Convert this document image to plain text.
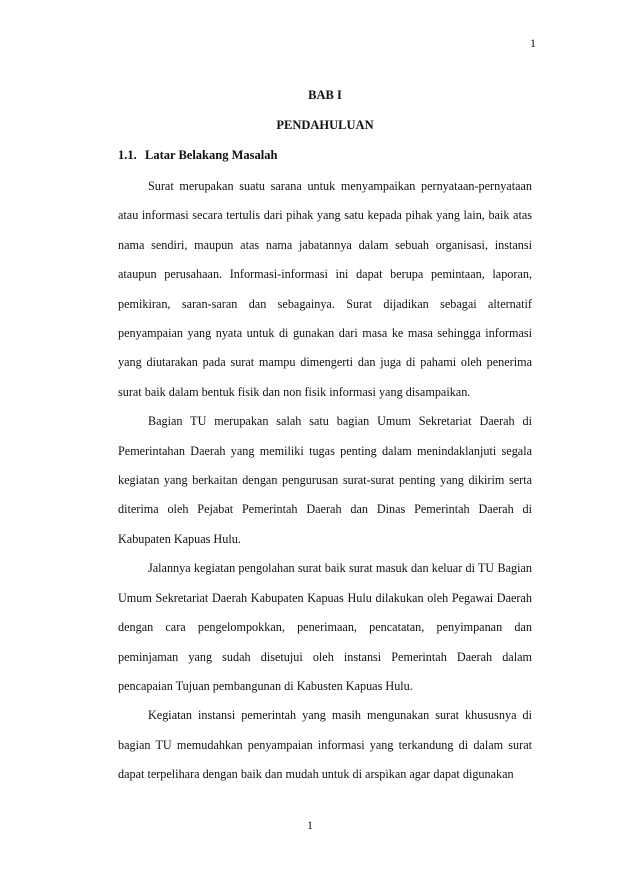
1
BAB I
PENDAHULUAN
1.1. Latar Belakang Masalah

Surat merupakan suatu sarana untuk menyampaikan pernyataan-pernyataan atau informasi secara tertulis dari pihak yang satu kepada pihak yang lain, baik atas nama sendiri, maupun atas nama jabatannya dalam sebuah organisasi, instansi ataupun perusahaan. Informasi-informasi ini dapat berupa pemintaan, laporan, pemikiran, saran-saran dan sebagainya. Surat dijadikan sebagai alternatif penyampaian yang nyata untuk di gunakan dari masa ke masa sehingga informasi yang diutarakan pada surat mampu dimengerti dan juga di pahami oleh penerima surat baik dalam bentuk fisik dan non fisik informasi yang disampaikan.

Bagian TU merupakan salah satu bagian Umum Sekretariat Daerah di Pemerintahan Daerah yang memiliki tugas penting dalam menindaklanjuti segala kegiatan yang berkaitan dengan pengurusan surat-surat penting yang dikirim serta diterima oleh Pejabat Pemerintah Daerah dan Dinas Pemerintah Daerah di Kabupaten Kapuas Hulu.

Jalannya kegiatan pengolahan surat baik surat masuk dan keluar di TU Bagian Umum Sekretariat Daerah Kabupaten Kapuas Hulu dilakukan oleh Pegawai Daerah dengan cara pengelompokkan, penerimaan, pencatatan, penyimpanan dan peminjaman yang sudah disetujui oleh instansi Pemerintah Daerah dalam pencapaian Tujuan pembangunan di Kabusten Kapuas Hulu.

Kegiatan instansi pemerintah yang masih mengunakan surat khususnya di bagian TU memudahkan penyampaian informasi yang terkandung di dalam surat dapat terpelihara dengan baik dan mudah untuk di arspikan agar dapat digunakan

1
